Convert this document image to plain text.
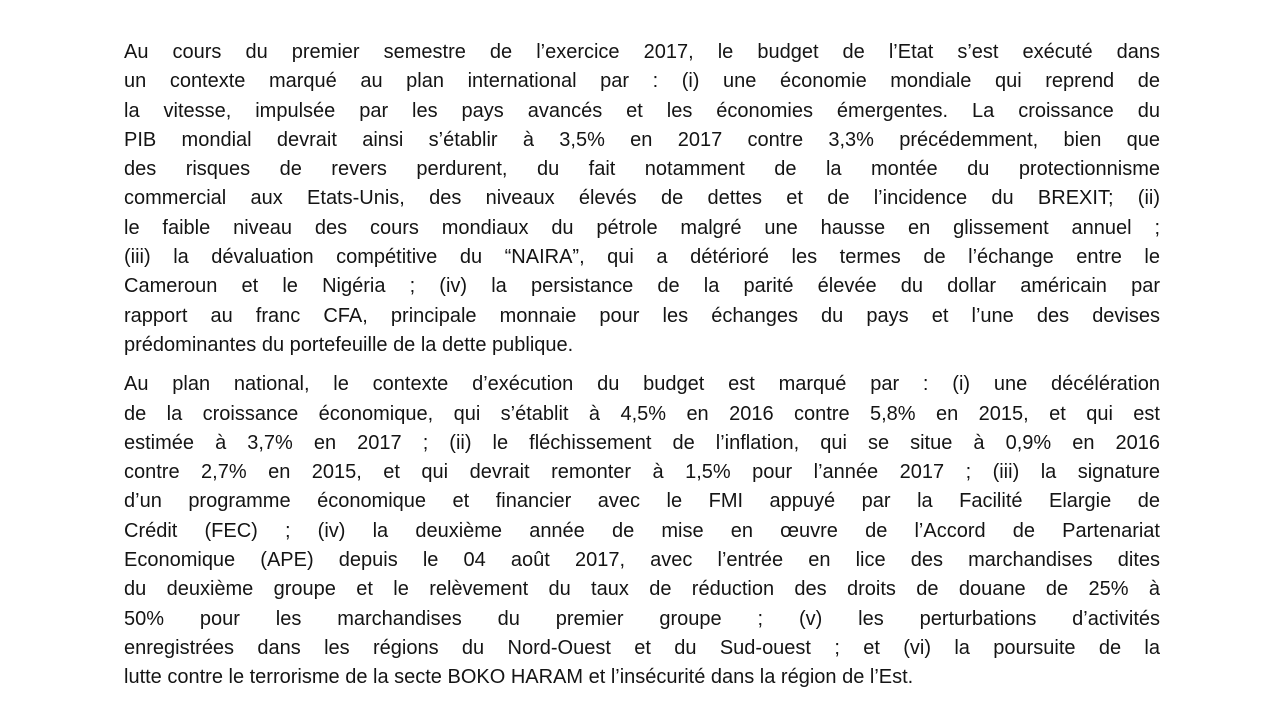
Au cours du premier semestre de l’exercice 2017, le budget de l’Etat s’est exécuté dans
un contexte marqué au plan international par : (i) une économie mondiale qui reprend de
la vitesse, impulsée par les pays avancés et les économies émergentes. La croissance du
PIB mondial devrait ainsi s’établir à 3,5% en 2017 contre 3,3% précédemment, bien que
des risques de revers perdurent, du fait notamment de la montée du protectionnisme
commercial aux Etats-Unis, des niveaux élevés de dettes et de l’incidence du BREXIT; (ii)
le faible niveau des cours mondiaux du pétrole malgré une hausse en glissement annuel ;
(iii) la dévaluation compétitive du “NAIRA”, qui a détérioré les termes de l’échange entre le
Cameroun et le Nigéria ; (iv) la persistance de la parité élevée du dollar américain par
rapport au franc CFA, principale monnaie pour les échanges du pays et l’une des devises
prédominantes du portefeuille de la dette publique.

Au plan national, le contexte d’exécution du budget est marqué par : (i) une décélération
de la croissance économique, qui s’établit à 4,5% en 2016 contre 5,8% en 2015, et qui est
estimée à 3,7% en 2017 ; (ii) le fléchissement de l’inflation, qui se situe à 0,9% en 2016
contre 2,7% en 2015, et qui devrait remonter à 1,5% pour l’année 2017 ; (iii) la signature
d’un programme économique et financier avec le FMI appuyé par la Facilité Elargie de
Crédit (FEC) ; (iv) la deuxième année de mise en œuvre de l’Accord de Partenariat
Economique (APE) depuis le 04 août 2017, avec l’entrée en lice des marchandises dites
du deuxième groupe et le relèvement du taux de réduction des droits de douane de 25% à
50% pour les marchandises du premier groupe ; (v) les perturbations d’activités
enregistrées dans les régions du Nord-Ouest et du Sud-ouest ; et (vi) la poursuite de la
lutte contre le terrorisme de la secte BOKO HARAM et l’insécurité dans la région de l’Est.
